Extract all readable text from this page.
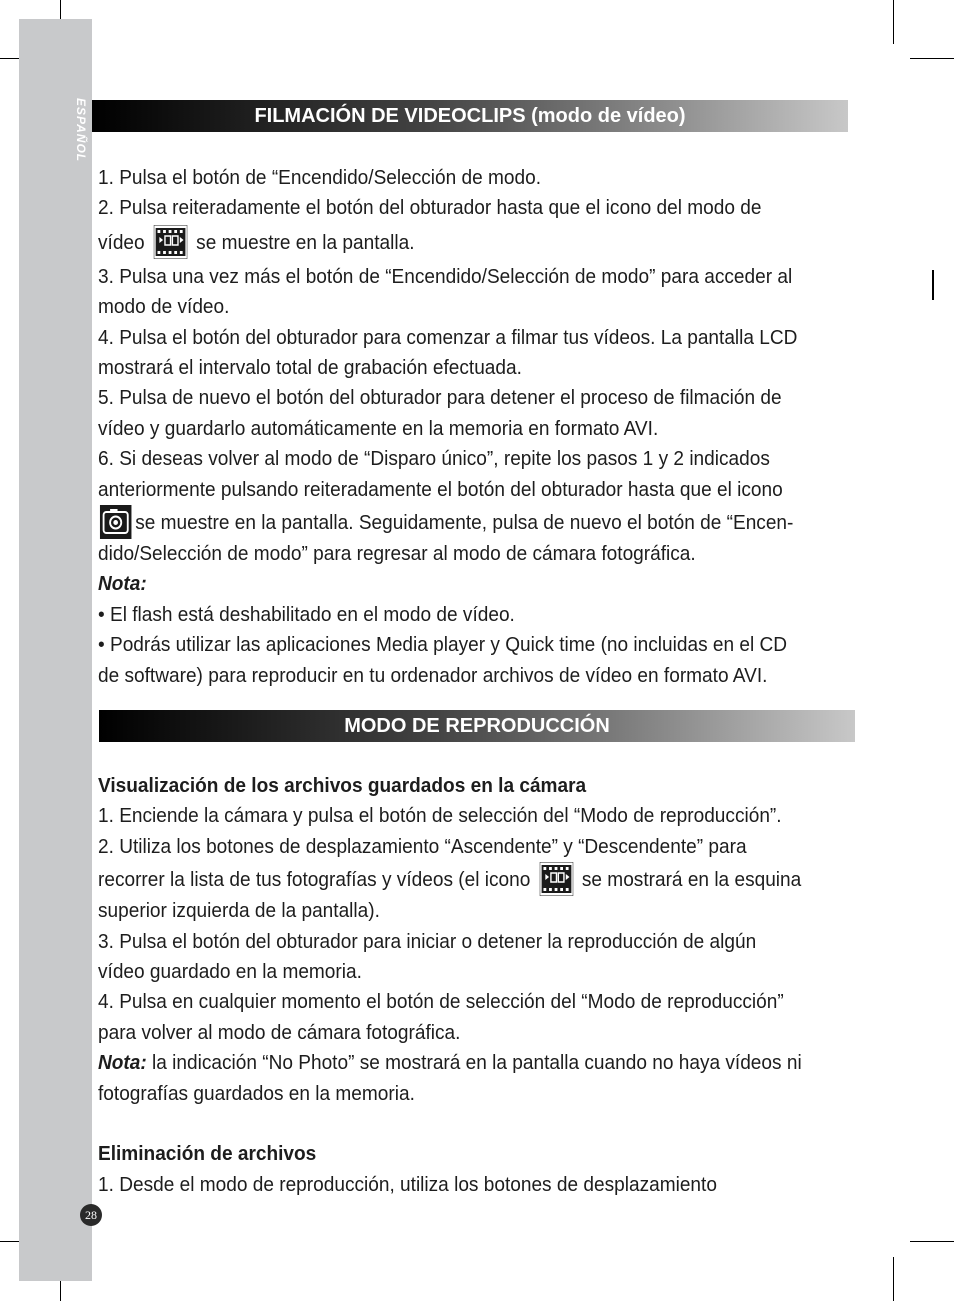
ESPAÑOL	FILMACIÓN DE VIDEOCLIPS (modo de vídeo)

1. Pulsa el botón de “Encendido/Selección de modo.

2. Pulsa reiteradamente el botón del obturador hasta que el icono del modo de

vídeo	se muestre en la pantalla.

3. Pulsa una vez más el botón de “Encendido/Selección de modo” para acceder al modo de vídeo.

4. Pulsa el botón del obturador para comenzar a filmar tus vídeos. La pantalla LCD mostrará el intervalo total de grabación efectuada.

5. Pulsa de nuevo el botón del obturador para detener el proceso de filmación de vídeo y guardarlo automáticamente en la memoria en formato AVI.

6. Si deseas volver al modo de “Disparo único”, repite los pasos 1 y 2 indicados anteriormente pulsando reiteradamente el botón del obturador hasta que el icono

se muestre en la pantalla. Seguidamente, pulsa de nuevo el botón de “Encen-dido/Selección de modo” para regresar al modo de cámara fotográfica.

Nota:

• El flash está deshabilitado en el modo de vídeo.

• Podrás utilizar las aplicaciones Media player y Quick time (no incluidas en el CD de software) para reproducir en tu ordenador archivos de vídeo en formato AVI.

MODO DE REPRODUCCIÓN

Visualización de los archivos guardados en la cámara

1. Enciende la cámara y pulsa el botón de selección del “Modo de reproducción”.

2. Utiliza los botones de desplazamiento “Ascendente” y “Descendente” para recorrer la lista de tus fotografías y vídeos (el icono	se mostrará en la esquina superior izquierda de la pantalla).

3. Pulsa el botón del obturador para iniciar o detener la reproducción de algún vídeo guardado en la memoria.

4. Pulsa en cualquier momento el botón de selección del “Modo de reproducción” para volver al modo de cámara fotográfica.

Nota: la indicación “No Photo” se mostrará en la pantalla cuando no haya vídeos ni fotografías guardados en la memoria.

Eliminación de archivos

1. Desde el modo de reproducción, utiliza los botones de desplazamiento

28
